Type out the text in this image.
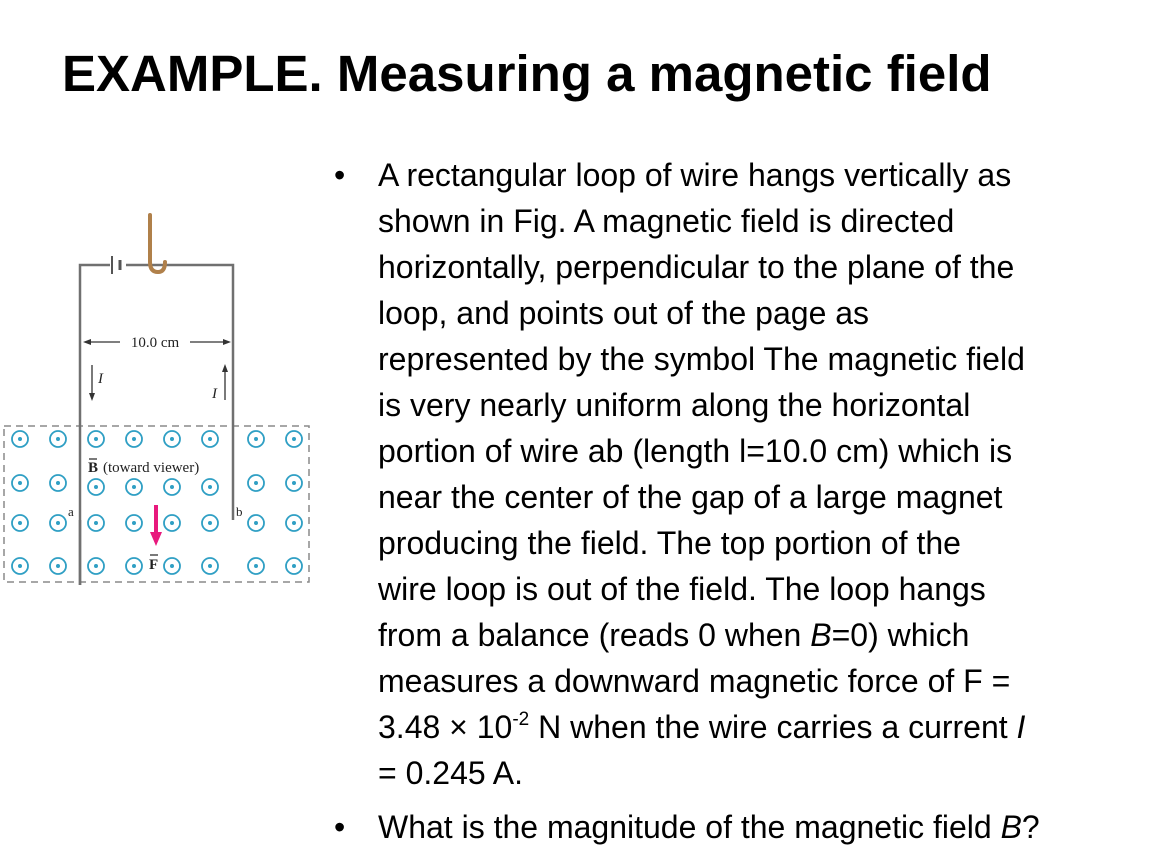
EXAMPLE. Measuring a magnetic field
10.0 cm
I
I
B (toward viewer)
a	b
F
• A rectangular loop of wire hangs vertically as
shown in Fig. A magnetic field is directed
horizontally, perpendicular to the plane of the
loop, and points out of the page as
represented by the symbol The magnetic field
is very nearly uniform along the horizontal
portion of wire ab (length l=10.0 cm) which is
near the center of the gap of a large magnet
producing the field. The top portion of the
wire loop is out of the field. The loop hangs
from a balance (reads 0 when B=0) which
measures a downward magnetic force of F =
$3.48 \times 10^{-2}$ N when the wire carries a current I
= 0.245 A.
• What is the magnitude of the magnetic field B?
